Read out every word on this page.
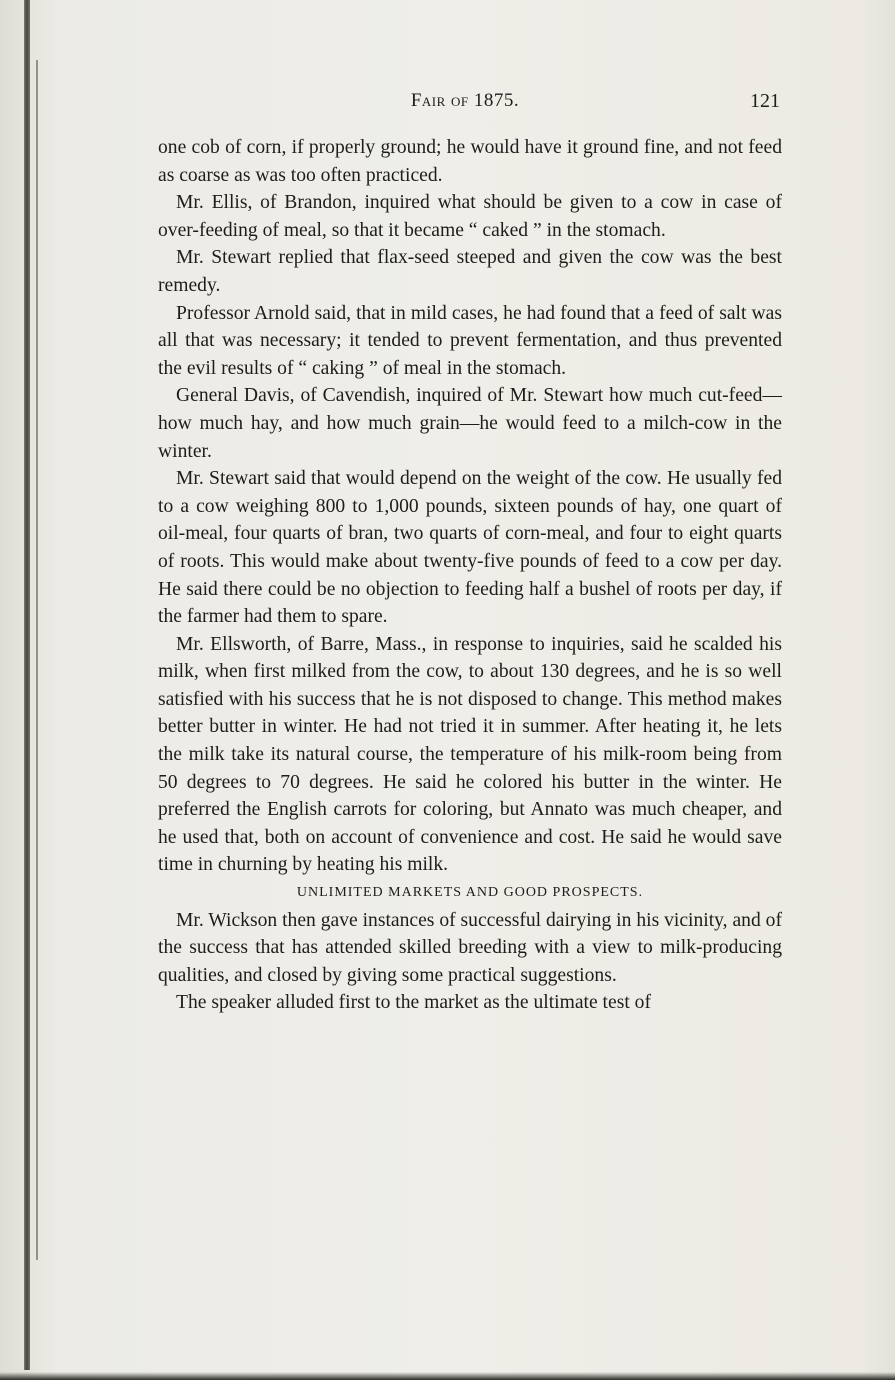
Fair of 1875.	121

one cob of corn, if properly ground; he would have it ground fine, and not feed as coarse as was too often practiced.

Mr. Ellis, of Brandon, inquired what should be given to a cow in case of over-feeding of meal, so that it became “ caked ” in the stomach.

Mr. Stewart replied that flax-seed steeped and given the cow was the best remedy.

Professor Arnold said, that in mild cases, he had found that a feed of salt was all that was necessary; it tended to prevent fermentation, and thus prevented the evil results of “ caking ” of meal in the stomach.

General Davis, of Cavendish, inquired of Mr. Stewart how much cut-feed—how much hay, and how much grain—he would feed to a milch-cow in the winter.

Mr. Stewart said that would depend on the weight of the cow. He usually fed to a cow weighing 800 to 1,000 pounds, sixteen pounds of hay, one quart of oil-meal, four quarts of bran, two quarts of corn-meal, and four to eight quarts of roots. This would make about twenty-five pounds of feed to a cow per day. He said there could be no objection to feeding half a bushel of roots per day, if the farmer had them to spare.

Mr. Ellsworth, of Barre, Mass., in response to inquiries, said he scalded his milk, when first milked from the cow, to about 130 degrees, and he is so well satisfied with his success that he is not disposed to change. This method makes better butter in winter. He had not tried it in summer. After heating it, he lets the milk take its natural course, the temperature of his milk-room being from 50 degrees to 70 degrees. He said he colored his butter in the winter. He preferred the English carrots for coloring, but Annato was much cheaper, and he used that, both on account of convenience and cost. He said he would save time in churning by heating his milk.

UNLIMITED MARKETS AND GOOD PROSPECTS.

Mr. Wickson then gave instances of successful dairying in his vicinity, and of the success that has attended skilled breeding with a view to milk-producing qualities, and closed by giving some practical suggestions.

The speaker alluded first to the market as the ultimate test of
